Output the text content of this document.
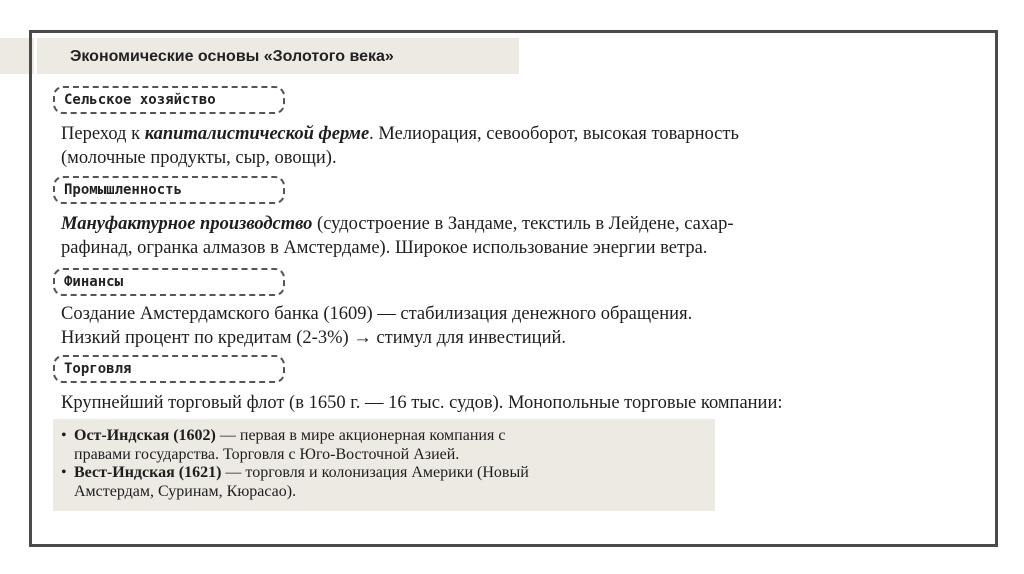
Экономические основы «Золотого века»
Сельское хозяйство
Переход к капиталистической ферме. Мелиорация, севооборот, высокая товарность
(молочные продукты, сыр, овощи).
Промышленность
Мануфактурное производство (судостроение в Зандаме, текстиль в Лейдене, сахар-
рафинад, огранка алмазов в Амстердаме). Широкое использование энергии ветра.
Финансы
Создание Амстердамского банка (1609) — стабилизация денежного обращения.
Низкий процент по кредитам (2-3%) → стимул для инвестиций.
Торговля
Крупнейший торговый флот (в 1650 г. — 16 тыс. судов). Монопольные торговые компании:
• Ост-Индская (1602) — первая в мире акционерная компания с
правами государства. Торговля с Юго-Восточной Азией.
• Вест-Индская (1621) — торговля и колонизация Америки (Новый
Амстердам, Суринам, Кюрасао).
